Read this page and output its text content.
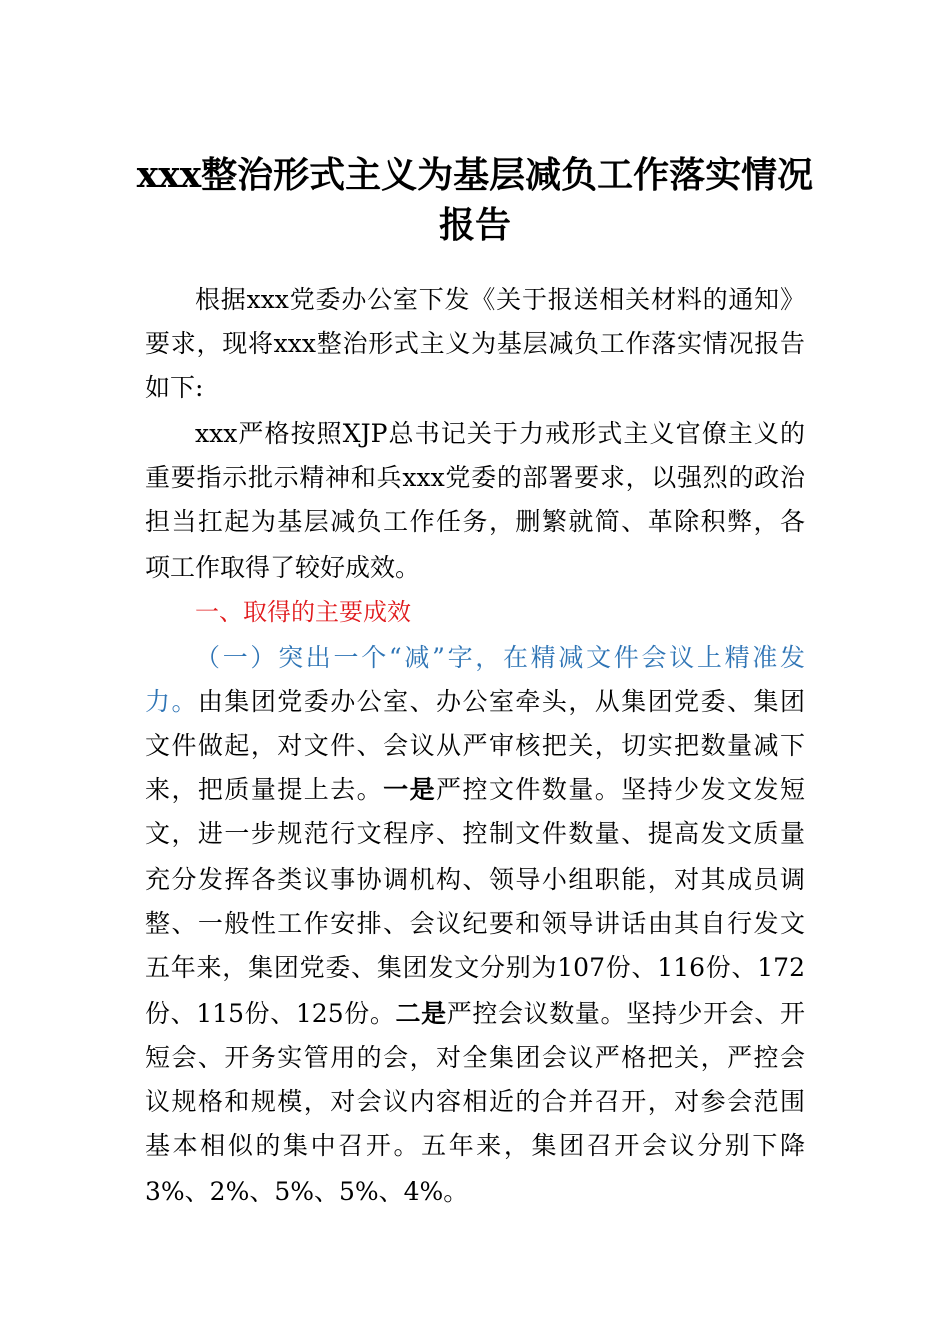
xxx整治形式主义为基层减负工作落实情况
报告
根据xxx党委办公室下发《关于报送相关材料的通知》
要求，现将xxx整治形式主义为基层减负工作落实情况报告
如下:
xxx严格按照XJP总书记关于力戒形式主义官僚主义的
重要指示批示精神和兵xxx党委的部署要求，以强烈的政治
担当扛起为基层减负工作任务，删繁就简、革除积弊，各
项工作取得了较好成效。
一、取得的主要成效
（一）突出一个“减”字，在精减文件会议上精准发
力。由集团党委办公室、办公室牵头，从集团党委、集团
文件做起，对文件、会议从严审核把关，切实把数量减下
来，把质量提上去。一是严控文件数量。坚持少发文发短
文，进一步规范行文程序、控制文件数量、提高发文质量
充分发挥各类议事协调机构、领导小组职能，对其成员调
整、一般性工作安排、会议纪要和领导讲话由其自行发文
五年来，集团党委、集团发文分别为107份、116份、172
份、115份、125份。二是严控会议数量。坚持少开会、开
短会、开务实管用的会，对全集团会议严格把关，严控会
议规格和规模，对会议内容相近的合并召开，对参会范围
基本相似的集中召开。五年来，集团召开会议分别下降
3%、2%、5%、5%、4%。
